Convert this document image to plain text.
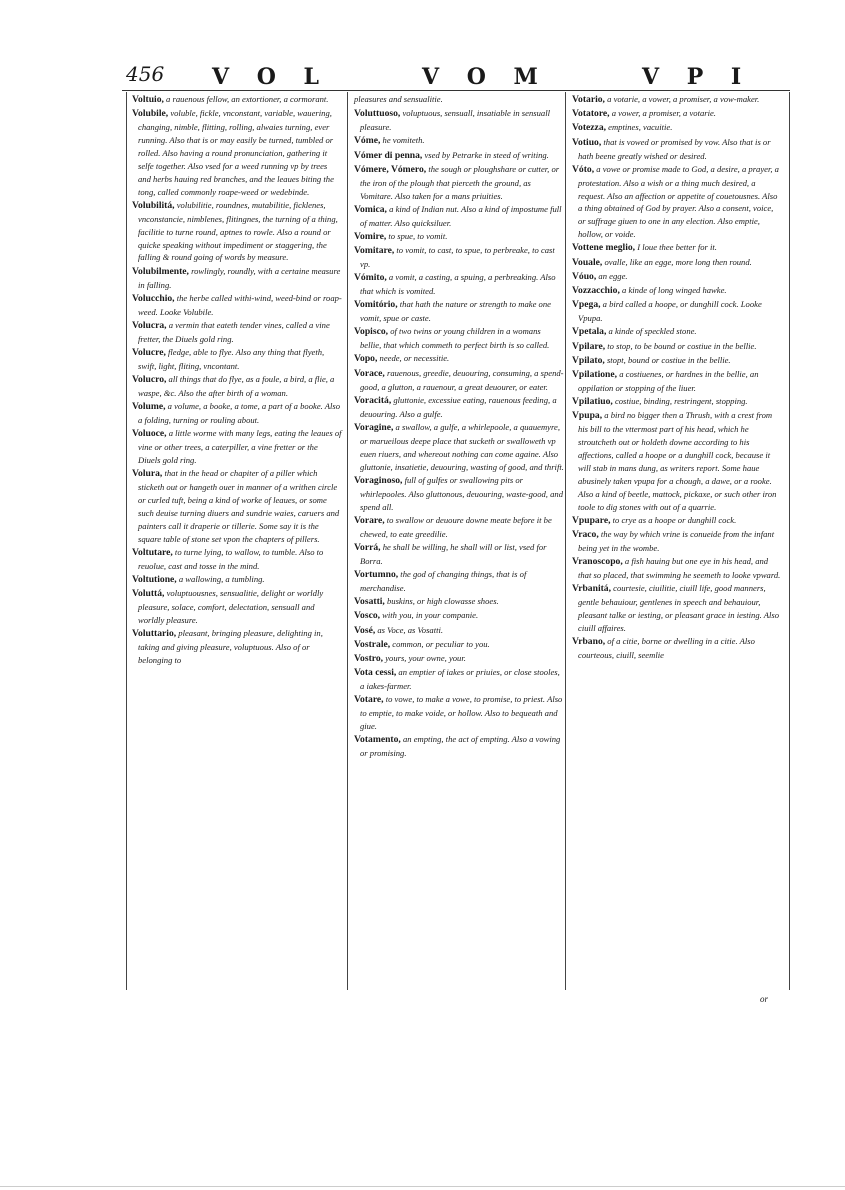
456 V O L	V O M	V P I
Voltuio, a rauenous fellow, an extortioner, a cormorant.
Volubile, voluble, fickle, vnconstant, variable, wauering, changing, nimble, flitting, rolling, alwaies turning, ever running. Also that is or may easily be turned, tumbled or rolled. Also having a round pronunciation, gathering it selfe together. Also vsed for a weed running vp by trees and herbs hauing red branches, and the leaues biting the tong, called commonly roape-weed or wedebinde.
Volubilitá, volubilitie, roundnes, mutabilitie, ficklenes, vnconstancie, nimblenes, flitingnes, the turning of a thing, facilitie to turne round, aptnes to rowle. Also a round or quicke speaking without impediment or staggering, the falling & round going of words by measure.
Volubilmente, rowlingly, roundly, with a certaine measure in falling.
Volucchio, the herbe called withi-wind, weed-bind or roap-weed. Looke Volubile.
Volucra, a vermin that eateth tender vines, called a vine fretter, the Diuels gold ring.
Volucre, fledge, able to flye. Also any thing that flyeth, swift, light, fliting, vncontant.
Volucro, all things that do flye, as a foule, a bird, a flie, a waspe, &c. Also the after birth of a woman.
Volume, a volume, a booke, a tome, a part of a booke. Also a folding, turning or rouling about.
Voluoce, a little worme with many legs, eating the leaues of vine or other trees, a caterpiller, a vine fretter or the Diuels gold ring.
Volura, that in the head or chapiter of a piller which sticketh out or hangeth ouer in manner of a writhen circle or curled tuft, being a kind of worke of leaues, or some such deuise turning diuers and sundrie waies, caruers and painters call it draperie or tillerie. Some say it is the square table of stone set vpon the chapters of pillers.
Voltutare, to turne lying, to wallow, to tumble. Also to reuolue, cast and tosse in the mind.
Voltutione, a wallowing, a tumbling.
Voluttá, voluptuousnes, sensualitie, delight or worldly pleasure, solace, comfort, delectation, sensuall and worldly pleasure.
Voluttario, pleasant, bringing pleasure, delighting in, taking and giving pleasure, voluptuous. Also of or belonging to
pleasures and sensualitie.
Voluttuoso, voluptuous, sensuall, insatiable in sensuall pleasure.
Vóme, he vomiteth.
Vómer di penna, vsed by Petrarke in steed of writing.
Vómere, Vómero, the sough or ploughshare or cutter, or the iron of the plough that pierceth the ground, as Vomitare. Also taken for a mans priuities.
Vomica, a kind of Indian nut. Also a kind of impostume full of matter. Also quicksiluer.
Vomire, to spue, to vomit.
Vomitare, to vomit, to cast, to spue, to perbreake, to cast vp.
Vómito, a vomit, a casting, a spuing, a perbreaking. Also that which is vomited.
Vomitório, that hath the nature or strength to make one vomit, spue or caste.
Vopisco, of two twins or young children in a womans bellie, that which commeth to perfect birth is so called.
Vopo, neede, or necessitie.
Vorace, rauenous, greedie, deuouring, consuming, a spend-good, a glutton, a rauenour, a great deuourer, or eater.
Voracitá, gluttonie, excessiue eating, rauenous feeding, a deuouring. Also a gulfe.
Voragine, a swallow, a gulfe, a whirlepoole, a quauemyre, or marueilous deepe place that sucketh or swalloweth vp euen riuers, and whereout nothing can come againe. Also gluttonie, insatietie, deuouring, wasting of good, and thrift.
Voraginoso, full of gulfes or swallowing pits or whirlepooles. Also gluttonous, deuouring, waste-good, and spend all.
Vorare, to swallow or deuoure downe meate before it be chewed, to eate greedilie.
Vorrá, he shall be willing, he shall will or list, vsed for Borra.
Vortumno, the god of changing things, that is of merchandise.
Vosatti, buskins, or high clowasse shoes.
Vosco, with you, in your companie.
Vosé, as Voce, as Vosatti.
Vostrale, common, or peculiar to you.
Vostro, yours, your owne, your.
Vota cessi, an emptier of iakes or priuies, or close stooles, a iakes-farmer.
Votare, to vowe, to make a vowe, to promise, to priest. Also to emptie, to make voide, or hollow. Also to bequeath and giue.
Votamento, an empting, the act of empting. Also a vowing or promising.
Votario, a votarie, a vower, a promiser, a vow-maker.
Votatore, a vower, a promiser, a votarie.
Votezza, emptines, vacuitie.
Votiuo, that is vowed or promised by vow. Also that is or hath beene greatly wished or desired.
Vóto, a vowe or promise made to God, a desire, a prayer, a protestation. Also a wish or a thing much desired, a request. Also an affection or appetite of couetousnes. Also a thing obtained of God by prayer. Also a consent, voice, or suffrage giuen to one in any election. Also emptie, hollow, or voide.
Vottene meglio, I loue thee better for it.
Vouale, ovalle, like an egge, more long then round.
Vóuo, an egge.
Vozzacchio, a kinde of long winged hawke.
Vpega, a bird called a hoope, or dunghill cock. Looke Vpupa.
Vpetala, a kinde of speckled stone.
Vpilare, to stop, to be bound or costiue in the bellie.
Vpilato, stopt, bound or costiue in the bellie.
Vpilatione, a costiuenes, or hardnes in the bellie, an oppilation or stopping of the liuer.
Vpilatiuo, costiue, binding, restringent, stopping.
Vpupa, a bird no bigger then a Thrush, with a crest from his bill to the vttermost part of his head, which he stroutcheth out or holdeth downe according to his affections, called a hoope or a dunghill cock, because it will stab in mans dung, as writers report. Some haue abusinely taken vpupa for a chough, a dawe, or a rooke. Also a kind of beetle, mattock, pickaxe, or such other iron toole to dig stones with out of a quarrie.
Vpupare, to crye as a hoope or dunghill cock.
Vraco, the way by which vrine is conueide from the infant being yet in the wombe.
Vranoscopo, a fish hauing but one eye in his head, and that so placed, that swimming he seemeth to looke vpward.
Vrbanitá, courtesie, ciuilitie, ciuill life, good manners, gentle behauiour, gentlenes in speech and behauiour, pleasant talke or iesting, or pleasant grace in iesting. Also ciuill affaires.
Vrbano, of a citie, borne or dwelling in a citie. Also courteous, ciuill, seemlie
or
